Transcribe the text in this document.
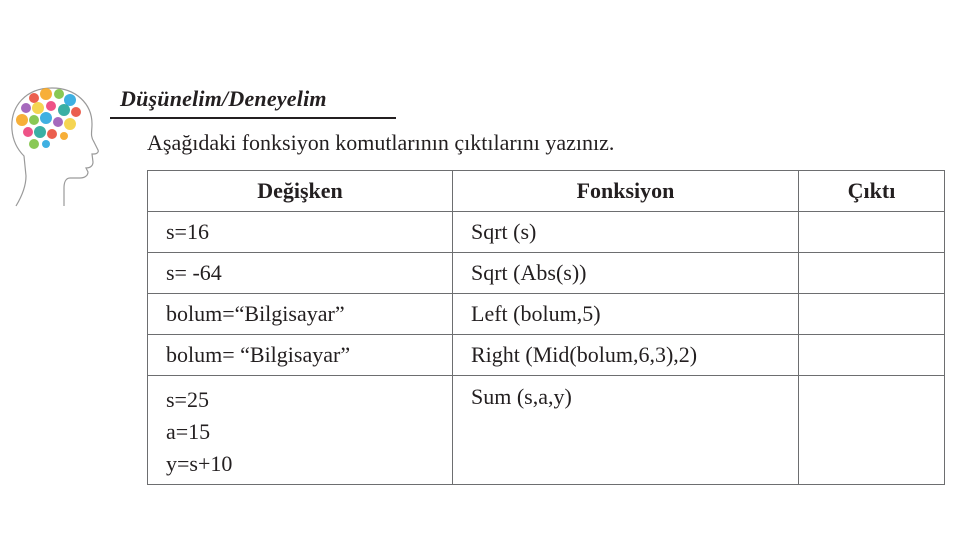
Düşünelim/Deneyelim
Aşağıdaki fonksiyon komutlarının çıktılarını yazınız.
Değişken	Fonksiyon	Çıktı

s=16	Sqrt (s)	

s= -64	Sqrt (Abs(s))	

bolum=“Bilgisayar”	Left (bolum,5)	

bolum= “Bilgisayar”	Right (Mid(bolum,6,3),2)	

s=25
a=15
y=s+10	Sum (s,a,y)	
